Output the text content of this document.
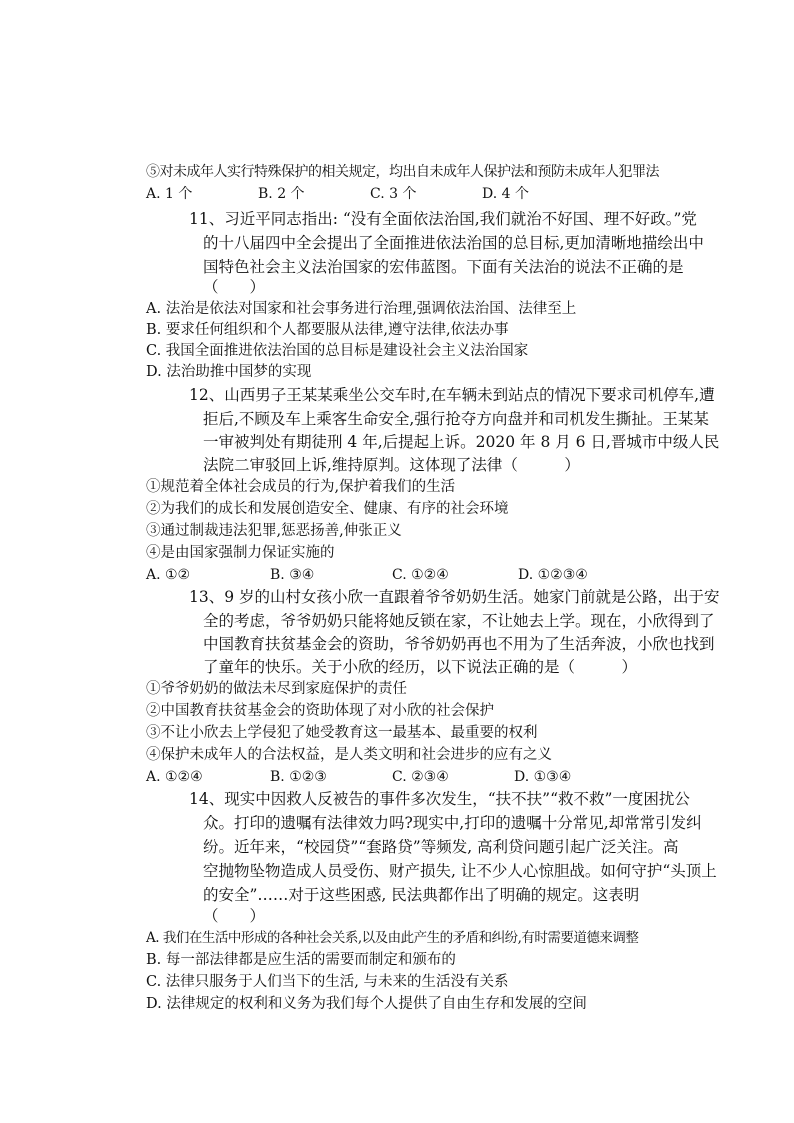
⑤对未成年人实行特殊保护的相关规定，均出自未成年人保护法和预防未成年人犯罪法
A. 1 个	B. 2 个	C. 3 个	D. 4 个
11、习近平同志指出: “没有全面依法治国,我们就治不好国、理不好政。”党
的十八届四中全会提出了全面推进依法治国的总目标,更加清晰地描绘出中
国特色社会主义法治国家的宏伟蓝图。下面有关法治的说法不正确的是
（　　）
A. 法治是依法对国家和社会事务进行治理,强调依法治国、法律至上
B. 要求任何组织和个人都要服从法律,遵守法律,依法办事
C. 我国全面推进依法治国的总目标是建设社会主义法治国家
D. 法治助推中国梦的实现
12、山西男子王某某乘坐公交车时,在车辆未到站点的情况下要求司机停车,遭
拒后,不顾及车上乘客生命安全,强行抢夺方向盘并和司机发生撕扯。王某某
一审被判处有期徒刑 4 年,后提起上诉。2020 年 8 月 6 日,晋城市中级人民
法院二审驳回上诉,维持原判。这体现了法律（　　　）
①规范着全体社会成员的行为,保护着我们的生活
②为我们的成长和发展创造安全、健康、有序的社会环境
③通过制裁违法犯罪,惩恶扬善,伸张正义
④是由国家强制力保证实施的
A. ①②	B. ③④	C. ①②④	D. ①②③④
13、9 岁的山村女孩小欣一直跟着爷爷奶奶生活。她家门前就是公路，出于安
全的考虑，爷爷奶奶只能将她反锁在家，不让她去上学。现在，小欣得到了
中国教育扶贫基金会的资助，爷爷奶奶再也不用为了生活奔波，小欣也找到
了童年的快乐。关于小欣的经历，以下说法正确的是（　　　）
①爷爷奶奶的做法未尽到家庭保护的责任
②中国教育扶贫基金会的资助体现了对小欣的社会保护
③不让小欣去上学侵犯了她受教育这一最基本、最重要的权利
④保护未成年人的合法权益，是人类文明和社会进步的应有之义
A. ①②④	B. ①②③	C. ②③④	D. ①③④
14、现实中因救人反被告的事件多次发生，“扶不扶”“救不救”一度困扰公
众。打印的遗嘱有法律效力吗?现实中,打印的遗嘱十分常见,却常常引发纠
纷。近年来，“校园贷”“套路贷”等频发, 高利贷问题引起广泛关注。高
空抛物坠物造成人员受伤、财产损失, 让不少人心惊胆战。如何守护“头顶上
的安全”……对于这些困惑, 民法典都作出了明确的规定。这表明
（　　）
A. 我们在生活中形成的各种社会关系,以及由此产生的矛盾和纠纷,有时需要道德来调整
B. 每一部法律都是应生活的需要而制定和颁布的
C. 法律只服务于人们当下的生活, 与未来的生活没有关系
D. 法律规定的权利和义务为我们每个人提供了自由生存和发展的空间
